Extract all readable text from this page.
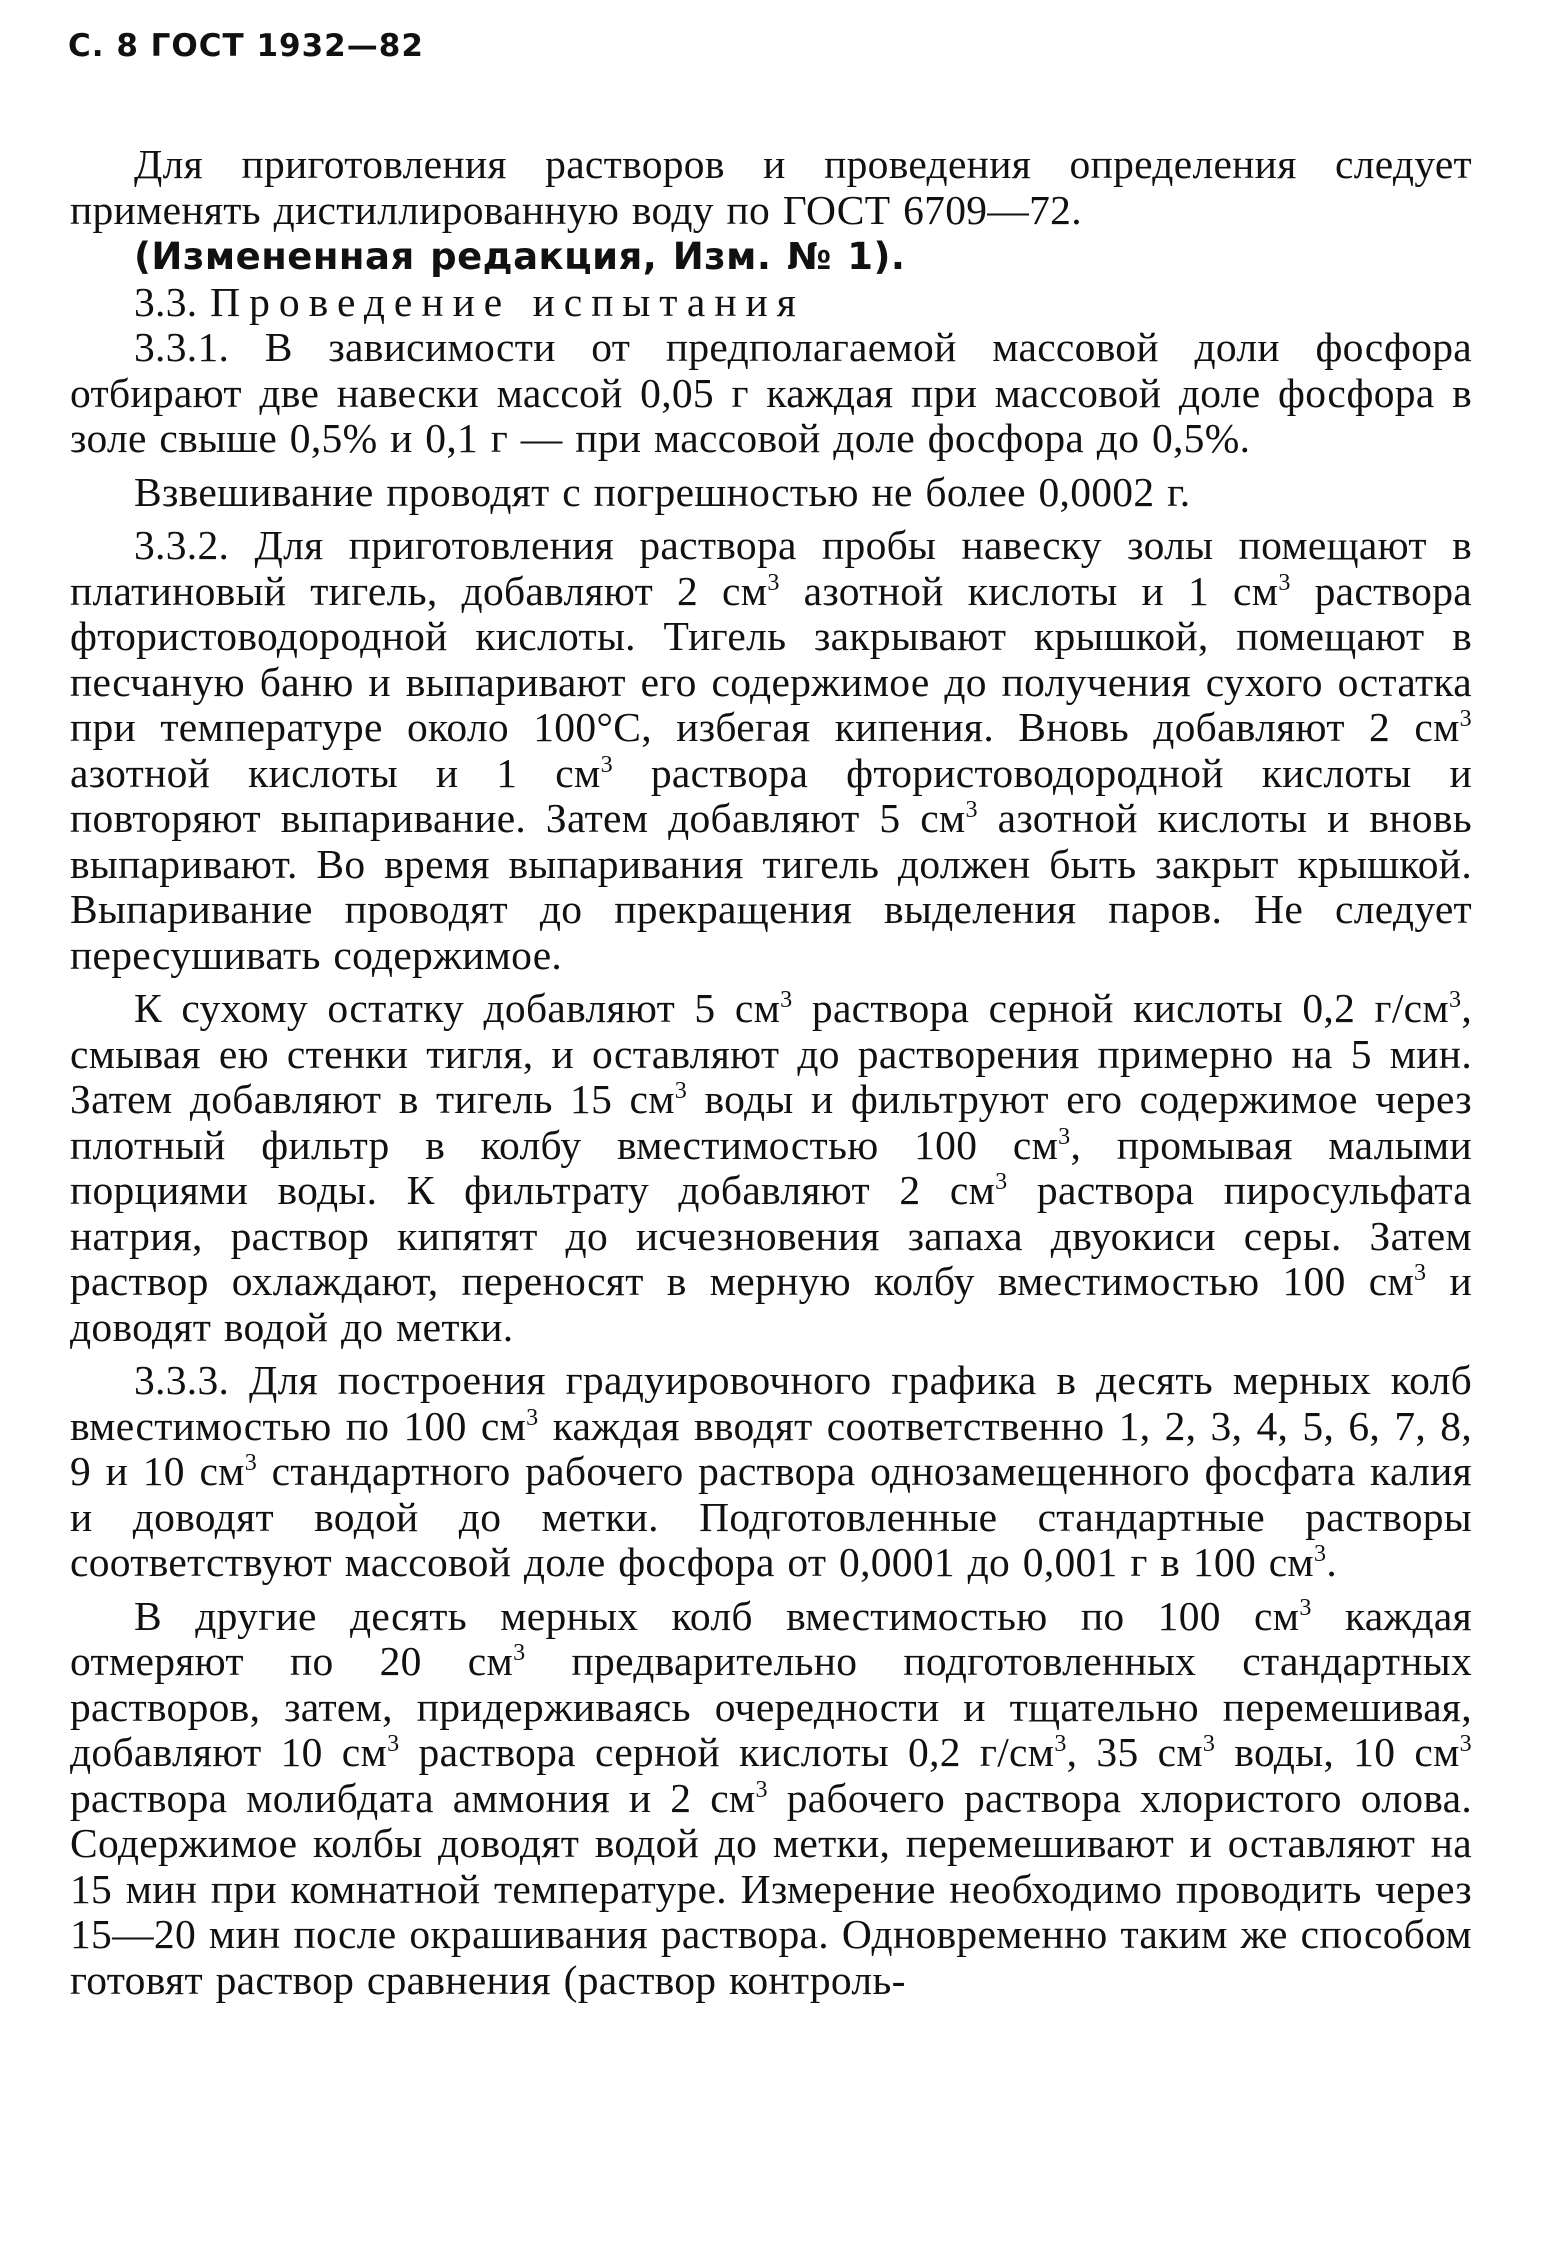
С. 8 ГОСТ 1932—82

Для приготовления растворов и проведения определения следует применять дистиллированную воду по ГОСТ 6709—72.

(Измененная редакция, Изм. № 1).

3.3. Проведение испытания

3.3.1. В зависимости от предполагаемой массовой доли фосфора отбирают две навески массой 0,05 г каждая при массовой доле фосфора в золе свыше 0,5% и 0,1 г — при массовой доле фосфора до 0,5%.

Взвешивание проводят с погрешностью не более 0,0002 г.

3.3.2. Для приготовления раствора пробы навеску золы помещают в платиновый тигель, добавляют 2 $см^3$ азотной кислоты и 1 $см^3$ раствора фтористоводородной кислоты. Тигель закрывают крышкой, помещают в песчаную баню и выпаривают его содержимое до получения сухого остатка при температуре около 100°С, избегая кипения. Вновь добавляют 2 $см^3$ азотной кислоты и 1 $см^3$ раствора фтористоводородной кислоты и повторяют выпаривание. Затем добавляют 5 $см^3$ азотной кислоты и вновь выпаривают. Во время выпаривания тигель должен быть закрыт крышкой. Выпаривание проводят до прекращения выделения паров. Не следует пересушивать содержимое.

К сухому остатку добавляют 5 $см^3$ раствора серной кислоты 0,2 $г/см^3$, смывая ею стенки тигля, и оставляют до растворения примерно на 5 мин. Затем добавляют в тигель 15 $см^3$ воды и фильтруют его содержимое через плотный фильтр в колбу вместимостью 100 $см^3$, промывая малыми порциями воды. К фильтрату добавляют 2 $см^3$ раствора пиросульфата натрия, раствор кипятят до исчезновения запаха двуокиси серы. Затем раствор охлаждают, переносят в мерную колбу вместимостью 100 $см^3$ и доводят водой до метки.

3.3.3. Для построения градуировочного графика в десять мерных колб вместимостью по 100 $см^3$ каждая вводят соответственно 1, 2, 3, 4, 5, 6, 7, 8, 9 и 10 $см^3$ стандартного рабочего раствора однозамещенного фосфата калия и доводят водой до метки. Подготовленные стандартные растворы соответствуют массовой доле фосфора от 0,0001 до 0,001 г в 100 $см^3$.

В другие десять мерных колб вместимостью по 100 $см^3$ каждая отмеряют по 20 $см^3$ предварительно подготовленных стандартных растворов, затем, придерживаясь очередности и тщательно перемешивая, добавляют 10 $см^3$ раствора серной кислоты 0,2 $г/см^3$, 35 $см^3$ воды, 10 $см^3$ раствора молибдата аммония и 2 $см^3$ рабочего раствора хлористого олова. Содержимое колбы доводят водой до метки, перемешивают и оставляют на 15 мин при комнатной температуре. Измерение необходимо проводить через 15—20 мин после окрашивания раствора. Одновременно таким же способом готовят раствор сравнения (раствор контроль-
